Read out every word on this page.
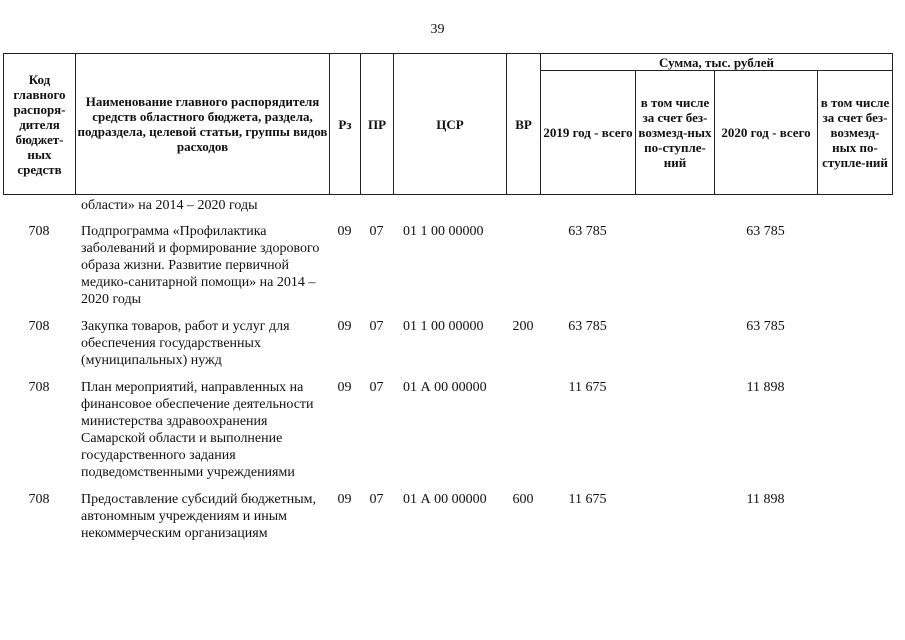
39
Код главного распоря-дителя бюджет-ных средств	Наименование главного распорядителя средств областного бюджета, раздела, подраздела, целевой статьи, группы видов расходов	Рз	ПР	ЦСР	ВР	Сумма, тыс. рублей			
						2019 год - всего	в том числе за счет без-возмезд-ных по-ступле-ний	2020 год - всего	в том числе за счет без-возмезд-ных по-ступле-ний
	области» на 2014 – 2020 годы								
708	Подпрограмма «Профилактика заболеваний и формирование здорового образа жизни. Развитие первичной медико-санитарной помощи» на 2014 – 2020 годы	09	07	01 1 00 00000		63 785		63 785	
708	Закупка товаров, работ и услуг для обеспечения государственных (муниципальных) нужд	09	07	01 1 00 00000	200	63 785		63 785	
708	План мероприятий, направленных на финансовое обеспечение деятельности министерства здравоохранения Самарской области и выполнение государственного задания подведомственными учреждениями	09	07	01 А 00 00000		11 675		11 898	
708	Предоставление субсидий бюджетным, автономным учреждениям и иным некоммерческим организациям	09	07	01 А 00 00000	600	11 675		11 898	
